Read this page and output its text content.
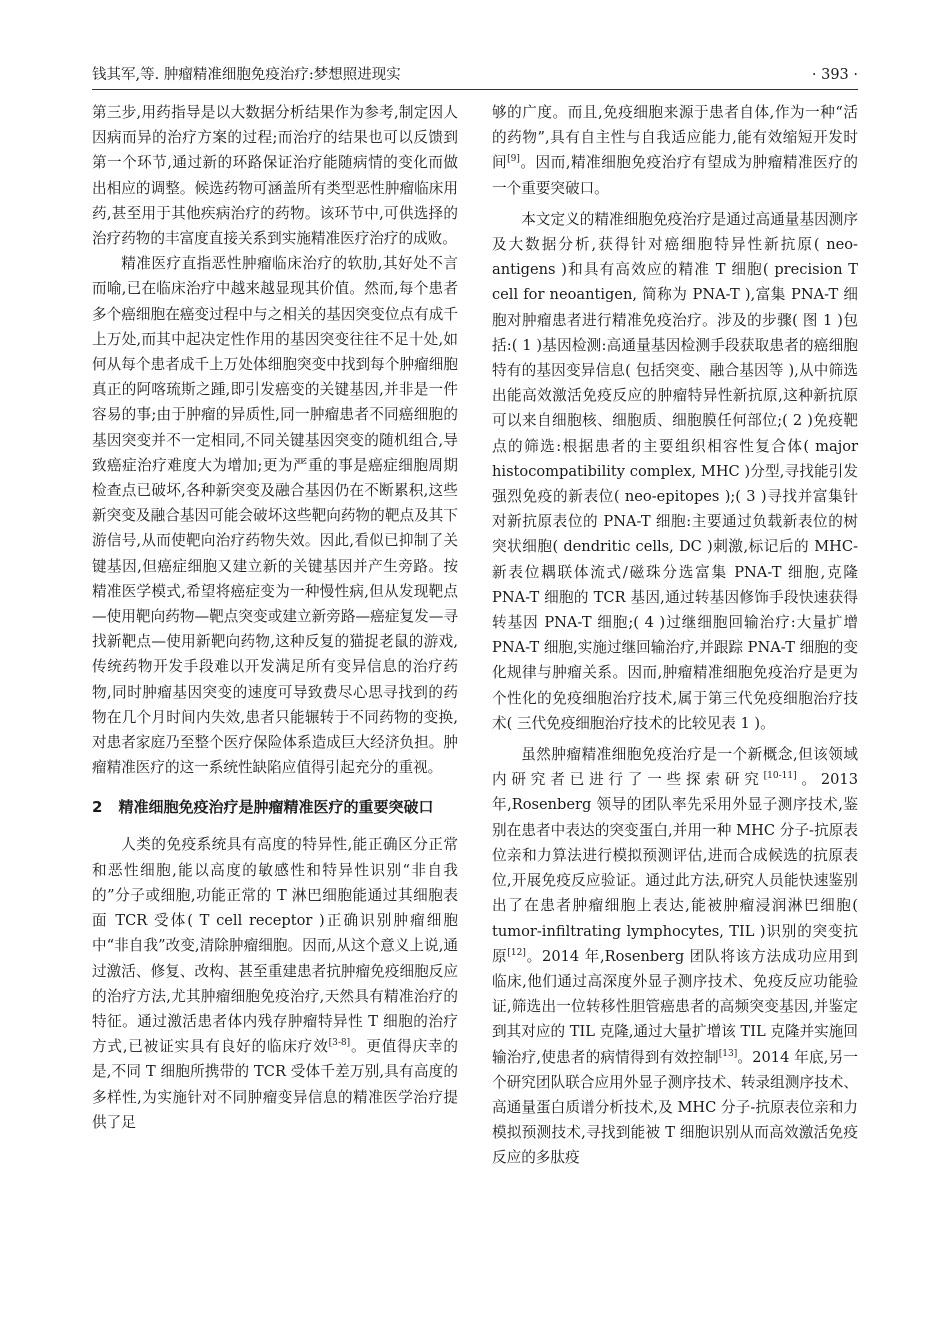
钱其军,等. 肿瘤精准细胞免疫治疗:梦想照进现实	· 393 ·

第三步,用药指导是以大数据分析结果作为参考,制定因人因病而异的治疗方案的过程;而治疗的结果也可以反馈到第一个环节,通过新的环路保证治疗能随病情的变化而做出相应的调整。候选药物可涵盖所有类型恶性肿瘤临床用药,甚至用于其他疾病治疗的药物。该环节中,可供选择的治疗药物的丰富度直接关系到实施精准医疗治疗的成败。

精准医疗直指恶性肿瘤临床治疗的软肋,其好处不言而喻,已在临床治疗中越来越显现其价值。然而,每个患者多个癌细胞在癌变过程中与之相关的基因突变位点有成千上万处,而其中起决定性作用的基因突变往往不足十处,如何从每个患者成千上万处体细胞突变中找到每个肿瘤细胞真正的阿喀琉斯之踵,即引发癌变的关键基因,并非是一件容易的事;由于肿瘤的异质性,同一肿瘤患者不同癌细胞的基因突变并不一定相同,不同关键基因突变的随机组合,导致癌症治疗难度大为增加;更为严重的事是癌症细胞周期检查点已破坏,各种新突变及融合基因仍在不断累积,这些新突变及融合基因可能会破坏这些靶向药物的靶点及其下游信号,从而使靶向治疗药物失效。因此,看似已抑制了关键基因,但癌症细胞又建立新的关键基因并产生旁路。按精准医学模式,希望将癌症变为一种慢性病,但从发现靶点—使用靶向药物—靶点突变或建立新旁路—癌症复发—寻找新靶点—使用新靶向药物,这种反复的猫捉老鼠的游戏,传统药物开发手段难以开发满足所有变异信息的治疗药物,同时肿瘤基因突变的速度可导致费尽心思寻找到的药物在几个月时间内失效,患者只能辗转于不同药物的变换,对患者家庭乃至整个医疗保险体系造成巨大经济负担。肿瘤精准医疗的这一系统性缺陷应值得引起充分的重视。

2 精准细胞免疫治疗是肿瘤精准医疗的重要突破口

人类的免疫系统具有高度的特异性,能正确区分正常和恶性细胞,能以高度的敏感性和特异性识别“非自我的”分子或细胞,功能正常的 T 淋巴细胞能通过其细胞表面 TCR 受体( T cell receptor )正确识别肿瘤细胞中“非自我”改变,清除肿瘤细胞。因而,从这个意义上说,通过激活、修复、改构、甚至重建患者抗肿瘤免疫细胞反应的治疗方法,尤其肿瘤细胞免疫治疗,天然具有精准治疗的特征。通过激活患者体内残存肿瘤特异性 T 细胞的治疗方式,已被证实具有良好的临床疗效[3-8]。更值得庆幸的是,不同 T 细胞所携带的 TCR 受体千差万别,具有高度的多样性,为实施针对不同肿瘤变异信息的精准医学治疗提供了足

够的广度。而且,免疫细胞来源于患者自体,作为一种“活的药物”,具有自主性与自我适应能力,能有效缩短开发时间[9]。因而,精准细胞免疫治疗有望成为肿瘤精准医疗的一个重要突破口。

本文定义的精准细胞免疫治疗是通过高通量基因测序及大数据分析,获得针对癌细胞特异性新抗原( neo-antigens )和具有高效应的精准 T 细胞( precision T cell for neoantigen, 简称为 PNA-T ),富集 PNA-T 细胞对肿瘤患者进行精准免疫治疗。涉及的步骤( 图 1 )包括:( 1 )基因检测:高通量基因检测手段获取患者的癌细胞特有的基因变异信息( 包括突变、融合基因等 ),从中筛选出能高效激活免疫反应的肿瘤特异性新抗原,这种新抗原可以来自细胞核、细胞质、细胞膜任何部位;( 2 )免疫靶点的筛选:根据患者的主要组织相容性复合体( major histocompatibility complex, MHC )分型,寻找能引发强烈免疫的新表位( neo-epitopes );( 3 )寻找并富集针对新抗原表位的 PNA-T 细胞:主要通过负载新表位的树突状细胞( dendritic cells, DC )刺激,标记后的 MHC-新表位耦联体流式/磁珠分选富集 PNA-T 细胞,克隆 PNA-T 细胞的 TCR 基因,通过转基因修饰手段快速获得转基因 PNA-T 细胞;( 4 )过继细胞回输治疗:大量扩增 PNA-T 细胞,实施过继回输治疗,并跟踪 PNA-T 细胞的变化规律与肿瘤关系。因而,肿瘤精准细胞免疫治疗是更为个性化的免疫细胞治疗技术,属于第三代免疫细胞治疗技术( 三代免疫细胞治疗技术的比较见表 1 )。

虽然肿瘤精准细胞免疫治疗是一个新概念,但该领域内研究者已进行了一些探索研究[10-11]。2013 年,Rosenberg 领导的团队率先采用外显子测序技术,鉴别在患者中表达的突变蛋白,并用一种 MHC 分子-抗原表位亲和力算法进行模拟预测评估,进而合成候选的抗原表位,开展免疫反应验证。通过此方法,研究人员能快速鉴别出了在患者肿瘤细胞上表达,能被肿瘤浸润淋巴细胞( tumor-infiltrating lymphocytes, TIL )识别的突变抗原[12]。2014 年,Rosenberg 团队将该方法成功应用到临床,他们通过高深度外显子测序技术、免疫反应功能验证,筛选出一位转移性胆管癌患者的高频突变基因,并鉴定到其对应的 TIL 克隆,通过大量扩增该 TIL 克隆并实施回输治疗,使患者的病情得到有效控制[13]。2014 年底,另一个研究团队联合应用外显子测序技术、转录组测序技术、高通量蛋白质谱分析技术,及 MHC 分子-抗原表位亲和力模拟预测技术,寻找到能被 T 细胞识别从而高效激活免疫反应的多肽疫
